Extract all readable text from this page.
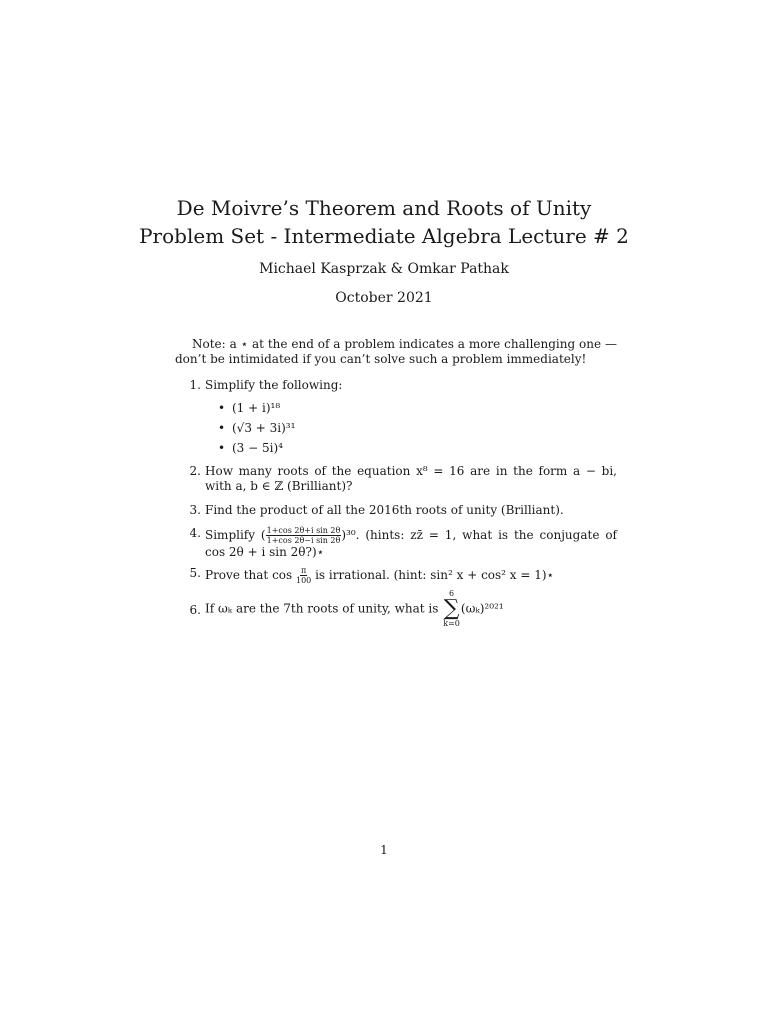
De Moivre’s Theorem and Roots of Unity
Problem Set - Intermediate Algebra Lecture # 2
Michael Kasprzak & Omkar Pathak
October 2021
Note: a ⋆ at the end of a problem indicates a more challenging one — don’t be intimidated if you can’t solve such a problem immediately!
1. Simplify the following:
• (1 + i)¹⁸
• (√3 + 3i)³¹
• (3 − 5i)⁴
2. How many roots of the equation x⁸ = 16 are in the form a − bi, with a, b ∈ ℤ (Brilliant)?
3. Find the product of all the 2016th roots of unity (Brilliant).
4. Simplify ( $\frac{\text{1+cos 2θ+i sin 2θ}}{\text{1+cos 2θ−i sin 2θ}} )^{30}$. (hints: zz̄ = 1, what is the conjugate of cos 2θ + i sin 2θ?)⋆
5. Prove that $\cos \frac{\pi}{100}$ is irrational. (hint: sin² x + cos² x = 1)⋆
6. If ωₖ are the 7th roots of unity, what is
6
∑
k=0
(ωₖ)²⁰²¹
1
